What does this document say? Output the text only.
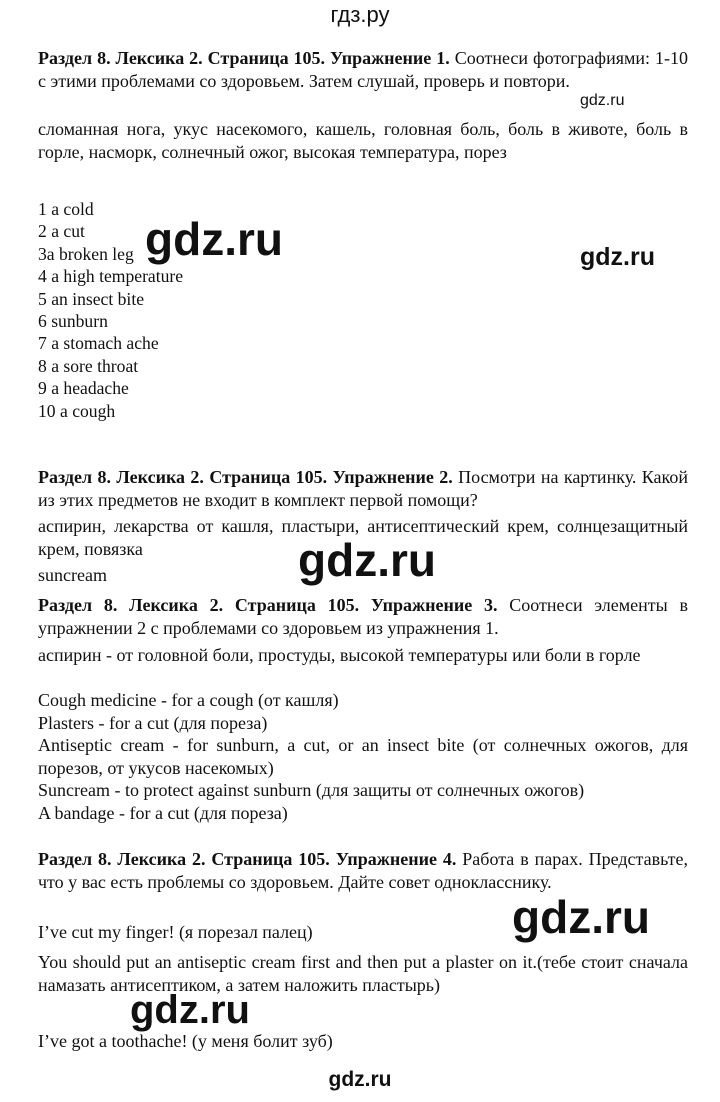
гдз.ру

Раздел 8. Лексика 2. Страница 105. Упражнение 1. Соотнеси фотографиями: 1-10 с этими проблемами со здоровьем. Затем слушай, проверь и повтори.

сломанная нога, укус насекомого, кашель, головная боль, боль в животе, боль в горле, насморк, солнечный ожог, высокая температура, порез

1 a cold
2 a cut
3a broken leg
4 a high temperature
5 an insect bite
6 sunburn
7 a stomach ache
8 a sore throat
9 a headache
10 a cough

Раздел 8. Лексика 2. Страница 105. Упражнение 2. Посмотри на картинку. Какой из этих предметов не входит в комплект первой помощи?

аспирин, лекарства от кашля, пластыри, антисептический крем, солнцезащитный крем, повязка

suncream

Раздел 8. Лексика 2. Страница 105. Упражнение 3. Соотнеси элементы в упражнении 2 с проблемами со здоровьем из упражнения 1.

аспирин - от головной боли, простуды, высокой температуры или боли в горле

Cough medicine - for a cough (от кашля)
Plasters - for a cut (для пореза)
Antiseptic cream - for sunburn, a cut, or an insect bite (от солнечных ожогов, для порезов, от укусов насекомых)
Suncream - to protect against sunburn (для защиты от солнечных ожогов)
A bandage - for a cut (для пореза)

Раздел 8. Лексика 2. Страница 105. Упражнение 4. Работа в парах. Представьте, что у вас есть проблемы со здоровьем. Дайте совет однокласснику.

I’ve cut my finger! (я порезал палец)

You should put an antiseptic cream first and then put a plaster on it.(тебе стоит сначала намазать антисептиком, а затем наложить пластырь)

I’ve got a toothache! (у меня болит зуб)

gdz.ru
gdz.ru	gdz.ru
gdz.ru
gdz.ru
gdz.ru
gdz.ru
